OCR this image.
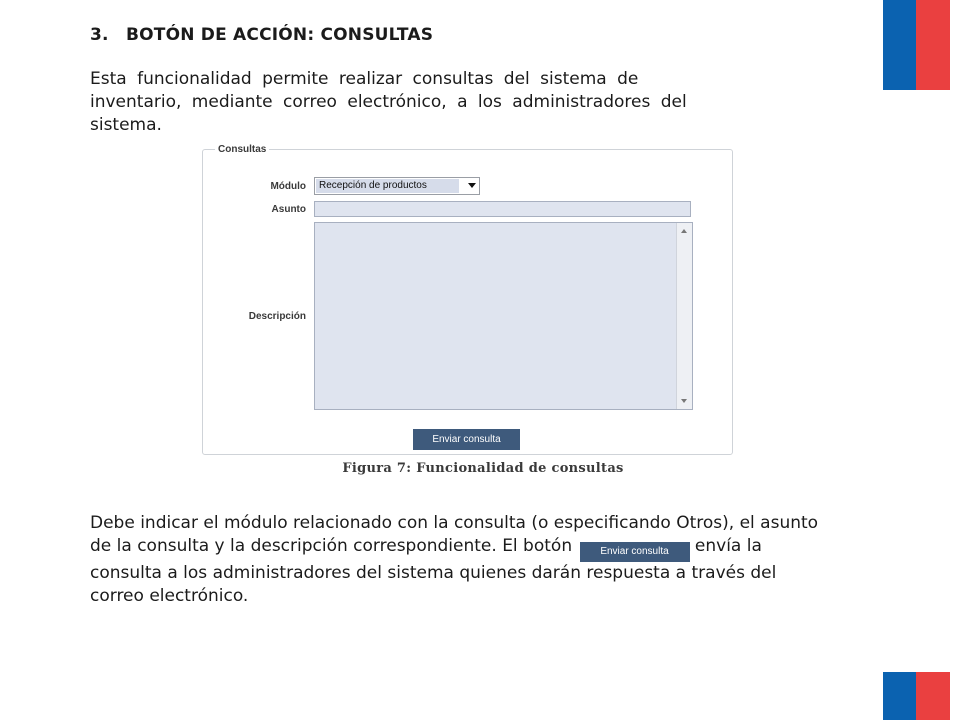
3. BOTÓN DE ACCIÓN: CONSULTAS

Esta funcionalidad permite realizar consultas del sistema de inventario, mediante correo electrónico, a los administradores del sistema.

Consultas
Módulo	Recepción de productos
Asunto
Descripción
Enviar consulta

Figura 7: Funcionalidad de consultas

Debe indicar el módulo relacionado con la consulta (o especificando Otros), el asunto de la consulta y la descripción correspondiente. El botón	Enviar consulta envía la consulta a los administradores del sistema quienes darán respuesta a través del correo electrónico.
